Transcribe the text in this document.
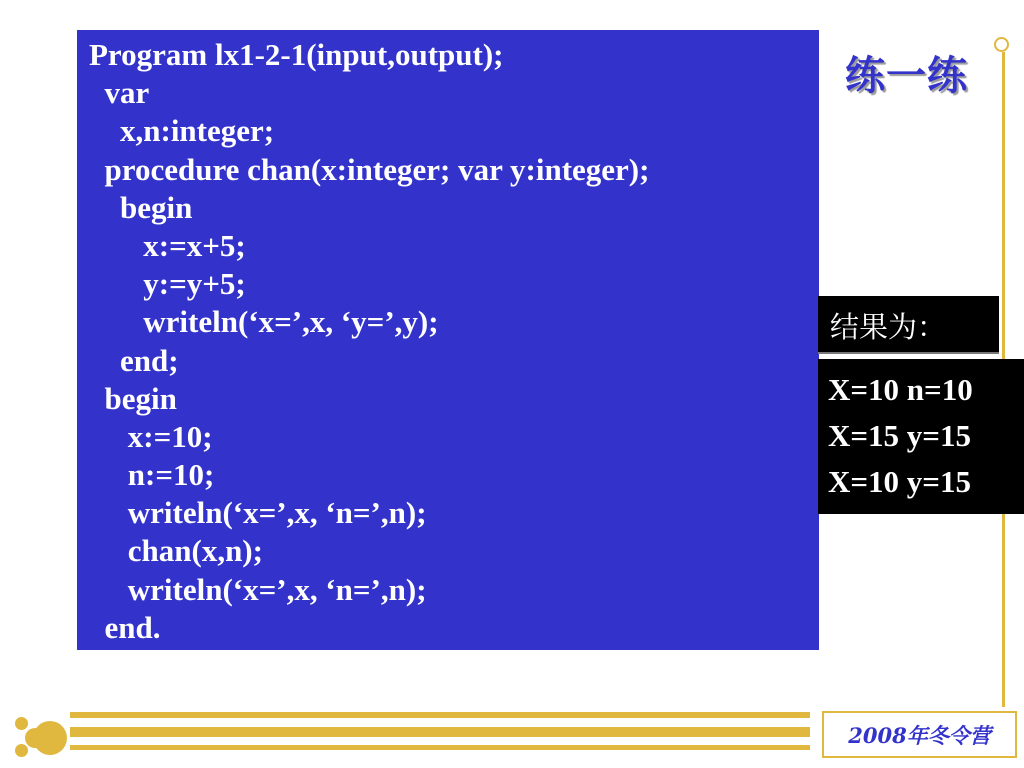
练一练
Program lx1-2-1(input,output);
var
x,n:integer;
procedure chan(x:integer; var y:integer);
begin
x:=x+5;
y:=y+5;
writeln(‘x=’,x, ‘y=’,y);
end;
begin
x:=10;
n:=10;
writeln(‘x=’,x, ‘n=’,n);
chan(x,n);
writeln(‘x=’,x, ‘n=’,n);
end.
结果为：
X=10 n=10
X=15 y=15
X=10 y=15
2008年冬令营
